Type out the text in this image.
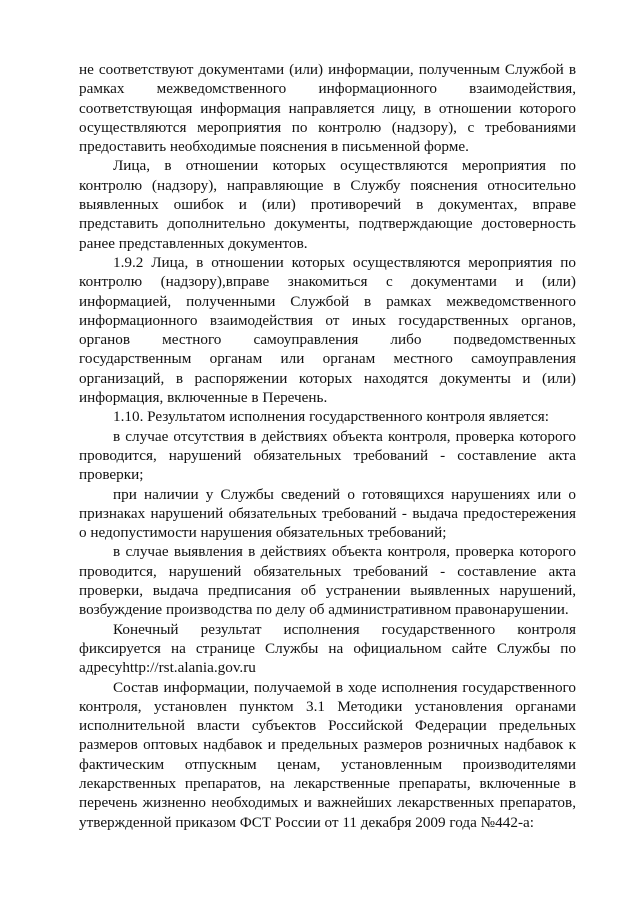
не соответствуют документами (или) информации, полученным Службой в рамках межведомственного информационного взаимодействия, соответствующая информация направляется лицу, в отношении которого осуществляются мероприятия по контролю (надзору), с требованиями предоставить необходимые пояснения в письменной форме.

Лица, в отношении которых осуществляются мероприятия по контролю (надзору), направляющие в Службу пояснения относительно выявленных ошибок и (или) противоречий в документах, вправе представить дополнительно документы, подтверждающие достоверность ранее представленных документов.

1.9.2 Лица, в отношении которых осуществляются мероприятия по контролю (надзору),вправе знакомиться с документами и (или) информацией, полученными Службой в рамках межведомственного информационного взаимодействия от иных государственных органов, органов местного самоуправления либо подведомственных государственным органам или органам местного самоуправления организаций, в распоряжении которых находятся документы и (или) информация, включенные в Перечень.

1.10. Результатом исполнения государственного контроля является:

в случае отсутствия в действиях объекта контроля, проверка которого проводится, нарушений обязательных требований - составление акта проверки;

при наличии у Службы сведений о готовящихся нарушениях или о признаках нарушений обязательных требований - выдача предостережения о недопустимости нарушения обязательных требований;

в случае выявления в действиях объекта контроля, проверка которого проводится, нарушений обязательных требований - составление акта проверки, выдача предписания об устранении выявленных нарушений, возбуждение производства по делу об административном правонарушении.

Конечный результат исполнения государственного контроля фиксируется на странице Службы на официальном сайте Службы по адресуhttp://rst.alania.gov.ru

Состав информации, получаемой в ходе исполнения государственного контроля, установлен пунктом 3.1 Методики установления органами исполнительной власти субъектов Российской Федерации предельных размеров оптовых надбавок и предельных размеров розничных надбавок к фактическим отпускным ценам, установленным производителями лекарственных препаратов, на лекарственные препараты, включенные в перечень жизненно необходимых и важнейших лекарственных препаратов, утвержденной приказом ФСТ России от 11 декабря 2009 года №442-а:
